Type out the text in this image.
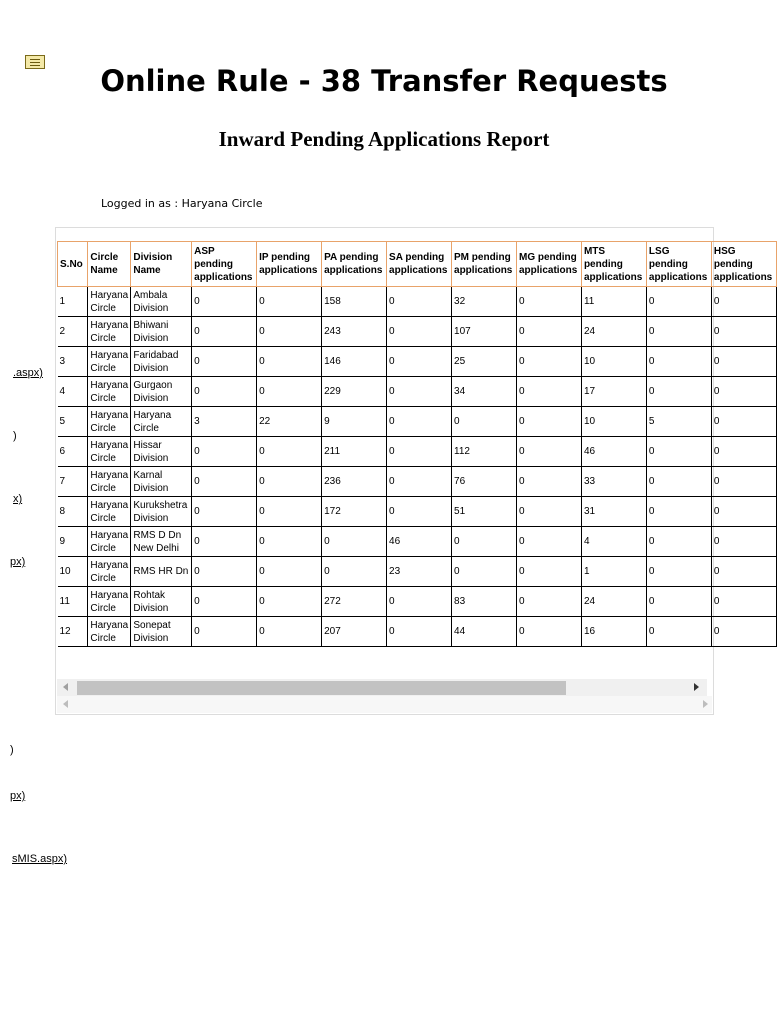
Online Rule - 38 Transfer Requests
Inward Pending Applications Report
Logged in as : Haryana Circle
.aspx)
)
x)
px)
)
px)
sMIS.aspx)
S.No	Circle Name	Division Name	ASP pending applications	IP pending applications	PA pending applications	SA pending applications	PM pending applications	MG pending applications	MTS pending applications	LSG pending applications	HSG pending applications
1	Haryana Circle	Ambala Division	0	0	158	0	32	0	11	0	0
2	Haryana Circle	Bhiwani Division	0	0	243	0	107	0	24	0	0
3	Haryana Circle	Faridabad Division	0	0	146	0	25	0	10	0	0
4	Haryana Circle	Gurgaon Division	0	0	229	0	34	0	17	0	0
5	Haryana Circle	Haryana Circle	3	22	9	0	0	0	10	5	0
6	Haryana Circle	Hissar Division	0	0	211	0	112	0	46	0	0
7	Haryana Circle	Karnal Division	0	0	236	0	76	0	33	0	0
8	Haryana Circle	Kurukshetra Division	0	0	172	0	51	0	31	0	0
9	Haryana Circle	RMS D Dn New Delhi	0	0	0	46	0	0	4	0	0
10	Haryana Circle	RMS HR Dn	0	0	0	23	0	0	1	0	0
11	Haryana Circle	Rohtak Division	0	0	272	0	83	0	24	0	0
12	Haryana Circle	Sonepat Division	0	0	207	0	44	0	16	0	0
